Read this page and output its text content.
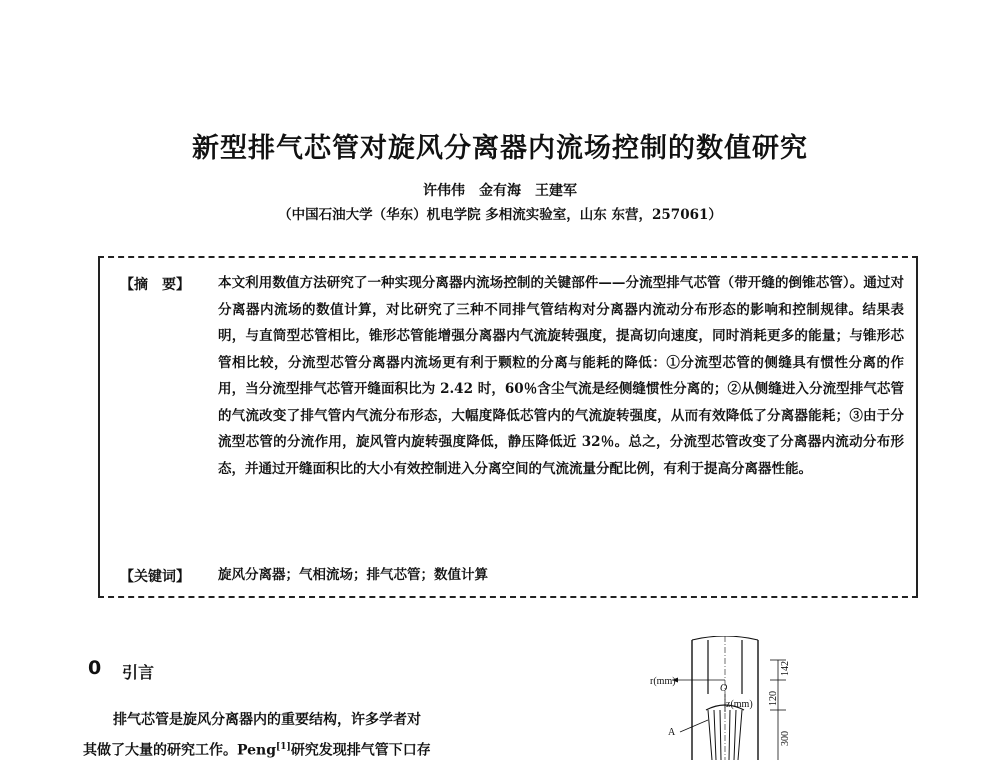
新型排气芯管对旋风分离器内流场控制的数值研究
许伟伟　金有海　王建军
（中国石油大学（华东）机电学院 多相流实验室，山东 东营，257061）
【摘　要】 本文利用数值方法研究了一种实现分离器内流场控制的关键部件——分流型排气芯管（带开缝的倒锥芯管）。通过对分离器内流场的数值计算，对比研究了三种不同排气管结构对分离器内流动分布形态的影响和控制规律。结果表明，与直筒型芯管相比，锥形芯管能增强分离器内气流旋转强度，提高切向速度，同时消耗更多的能量；与锥形芯管相比较，分流型芯管分离器内流场更有利于颗粒的分离与能耗的降低：①分流型芯管的侧缝具有惯性分离的作用，当分流型排气芯管开缝面积比为 2.42 时，60％含尘气流是经侧缝惯性分离的；②从侧缝进入分流型排气芯管的气流改变了排气管内气流分布形态，大幅度降低芯管内的气流旋转强度，从而有效降低了分离器能耗；③由于分流型芯管的分流作用，旋风管内旋转强度降低，静压降低近 32％。总之，分流型芯管改变了分离器内流动分布形态，并通过开缝面积比的大小有效控制进入分离空间的气流流量分配比例，有利于提高分离器性能。
【关键词】 旋风分离器；气相流场；排气芯管；数值计算
0 引言
排气芯管是旋风分离器内的重要结构，许多学者对
其做了大量的研究工作。Peng[1]研究发现排气管下口存
r(mm)
O
z(mm)
A
142
120
300
